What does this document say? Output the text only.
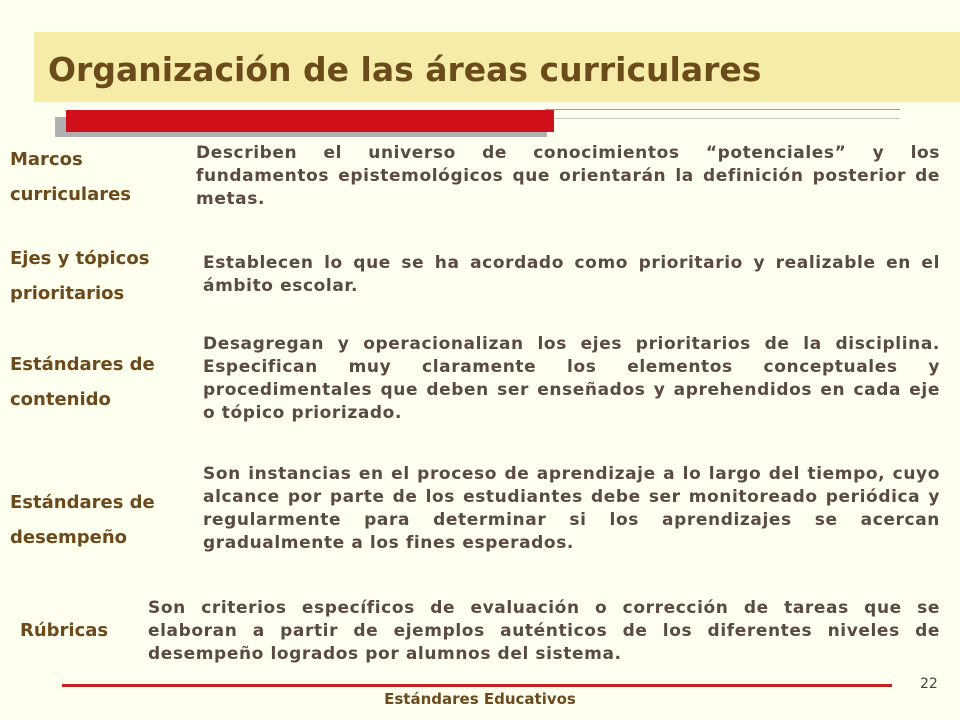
Organización de las áreas curriculares
Marcos
curriculares
Describen el universo de conocimientos “potenciales” y los fundamentos epistemológicos que orientarán la definición posterior de metas.
Ejes y tópicos
prioritarios
Establecen lo que se ha acordado como prioritario y realizable en el ámbito escolar.
Estándares de
contenido
Desagregan y operacionalizan los ejes prioritarios de la disciplina. Especifican muy claramente los elementos conceptuales y procedimentales que deben ser enseñados y aprehendidos en cada eje o tópico priorizado.
Estándares de
desempeño
Son instancias en el proceso de aprendizaje a lo largo del tiempo, cuyo alcance por parte de los estudiantes debe ser monitoreado periódica y regularmente para determinar si los aprendizajes se acercan gradualmente a los fines esperados.
Rúbricas
Son criterios específicos de evaluación o corrección de tareas que se elaboran a partir de ejemplos auténticos de los diferentes niveles de desempeño logrados por alumnos del sistema.
Estándares Educativos
22
